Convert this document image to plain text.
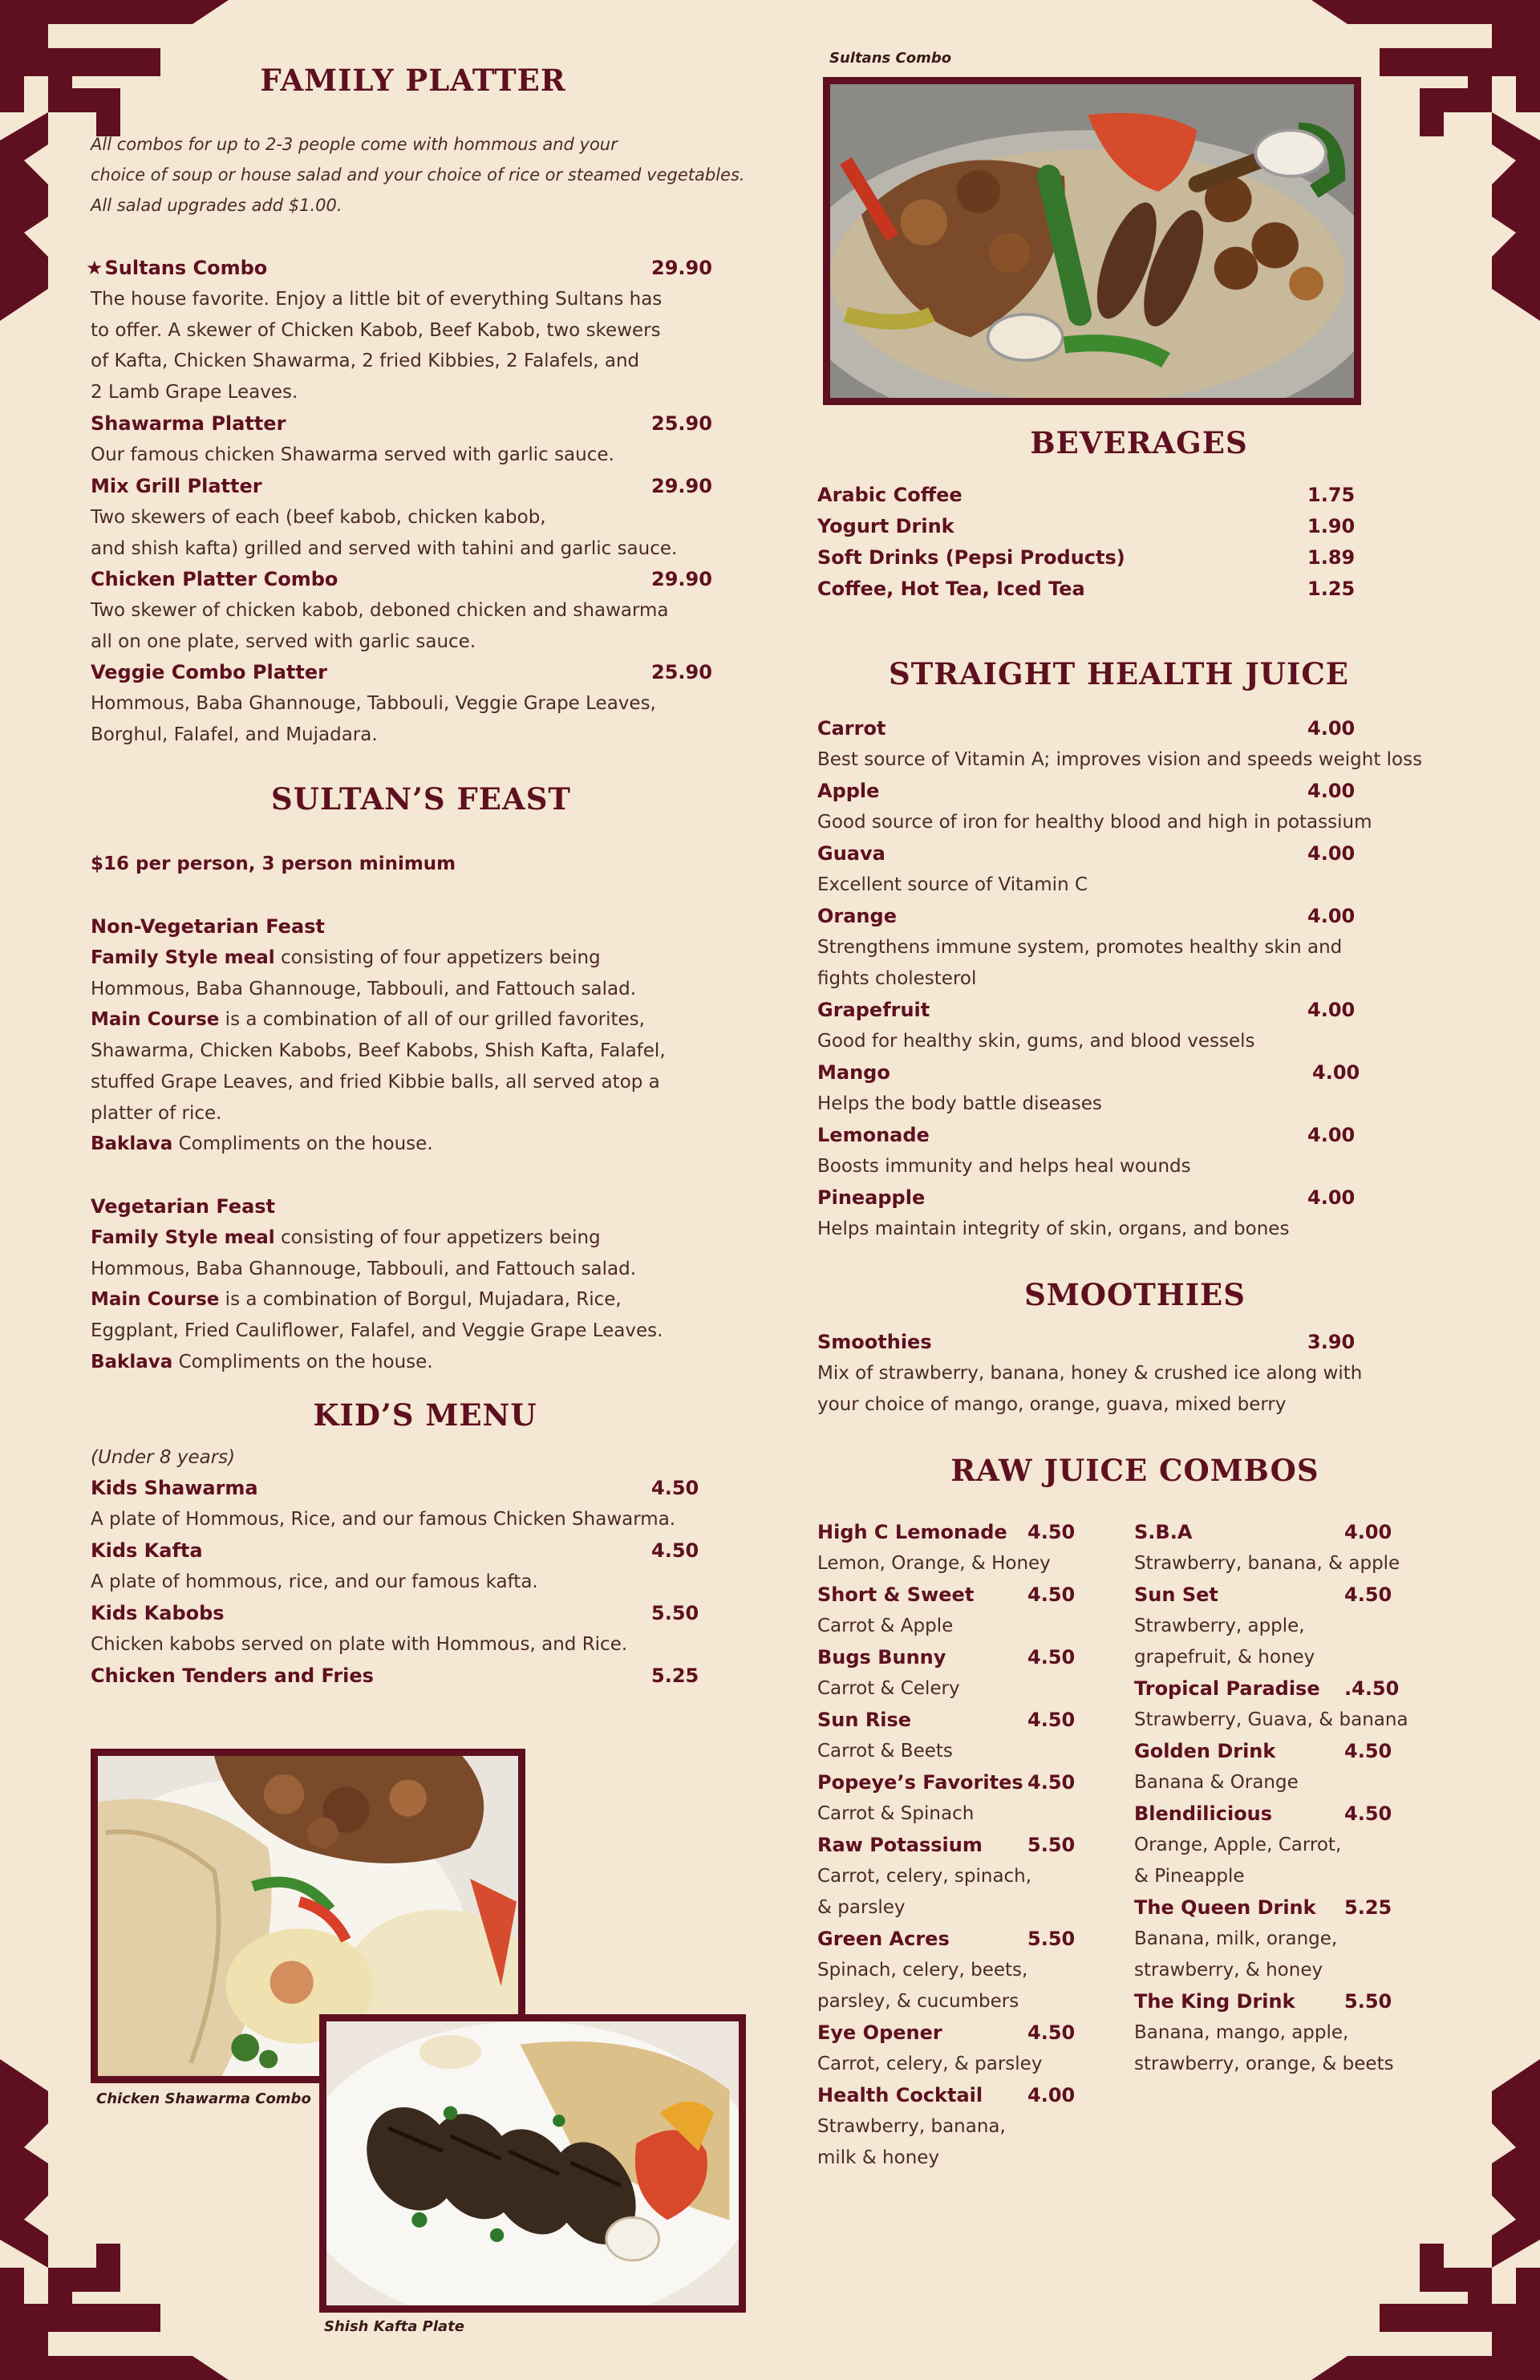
FAMILY PLATTER
All combos for up to 2-3 people come with hommous and your
choice of soup or house salad and your choice of rice or steamed vegetables.
All salad upgrades add $1.00.
★Sultans Combo	29.90
The house favorite. Enjoy a little bit of everything Sultans has
to offer. A skewer of Chicken Kabob, Beef Kabob, two skewers
of Kafta, Chicken Shawarma, 2 fried Kibbies, 2 Falafels, and
2 Lamb Grape Leaves.
Shawarma Platter	25.90
Our famous chicken Shawarma served with garlic sauce.
Mix Grill Platter	29.90
Two skewers of each (beef kabob, chicken kabob,
and shish kafta) grilled and served with tahini and garlic sauce.
Chicken Platter Combo	29.90
Two skewer of chicken kabob, deboned chicken and shawarma
all on one plate, served with garlic sauce.
Veggie Combo Platter	25.90
Hommous, Baba Ghannouge, Tabbouli, Veggie Grape Leaves,
Borghul, Falafel, and Mujadara.
SULTAN’S FEAST
$16 per person, 3 person minimum
Non-Vegetarian Feast
Family Style meal consisting of four appetizers being
Hommous, Baba Ghannouge, Tabbouli, and Fattouch salad.
Main Course is a combination of all of our grilled favorites,
Shawarma, Chicken Kabobs, Beef Kabobs, Shish Kafta, Falafel,
stuffed Grape Leaves, and fried Kibbie balls, all served atop a
platter of rice.
Baklava Compliments on the house.
Vegetarian Feast
Family Style meal consisting of four appetizers being
Hommous, Baba Ghannouge, Tabbouli, and Fattouch salad.
Main Course is a combination of Borgul, Mujadara, Rice,
Eggplant, Fried Cauliflower, Falafel, and Veggie Grape Leaves.
Baklava Compliments on the house.
KID’S MENU
(Under 8 years)
Kids Shawarma	4.50
A plate of Hommous, Rice, and our famous Chicken Shawarma.
Kids Kafta	4.50
A plate of hommous, rice, and our famous kafta.
Kids Kabobs	5.50
Chicken kabobs served on plate with Hommous, and Rice.
Chicken Tenders and Fries	5.25
Chicken Shawarma Combo
Shish Kafta Plate
Sultans Combo
BEVERAGES
Arabic Coffee	1.75
Yogurt Drink	1.90
Soft Drinks (Pepsi Products)	1.89
Coffee, Hot Tea, Iced Tea	1.25
STRAIGHT HEALTH JUICE
Carrot	4.00
Best source of Vitamin A; improves vision and speeds weight loss
Apple	4.00
Good source of iron for healthy blood and high in potassium
Guava	4.00
Excellent source of Vitamin C
Orange	4.00
Strengthens immune system, promotes healthy skin and
fights cholesterol
Grapefruit	4.00
Good for healthy skin, gums, and blood vessels
Mango	4.00
Helps the body battle diseases
Lemonade	4.00
Boosts immunity and helps heal wounds
Pineapple	4.00
Helps maintain integrity of skin, organs, and bones
SMOOTHIES
Smoothies	3.90
Mix of strawberry, banana, honey & crushed ice along with
your choice of mango, orange, guava, mixed berry
RAW JUICE COMBOS
High C Lemonade 4.50
Lemon, Orange, & Honey
Short & Sweet	4.50
Carrot & Apple
Bugs Bunny	4.50
Carrot & Celery
Sun Rise	4.50
Carrot & Beets
Popeye’s Favorites 4.50
Carrot & Spinach
Raw Potassium 5.50
Carrot, celery, spinach,
& parsley
Green Acres	5.50
Spinach, celery, beets,
parsley, & cucumbers
Eye Opener	4.50
Carrot, celery, & parsley
Health Cocktail 4.00
Strawberry, banana,
milk & honey
S.B.A	4.00
Strawberry, banana, & apple
Sun Set	4.50
Strawberry, apple,
grapefruit, & honey
Tropical Paradise .4.50
Strawberry, Guava, & banana
Golden Drink	4.50
Banana & Orange
Blendilicious	4.50
Orange, Apple, Carrot,
& Pineapple
The Queen Drink 5.25
Banana, milk, orange,
strawberry, & honey
The King Drink	5.50
Banana, mango, apple,
strawberry, orange, & beets
